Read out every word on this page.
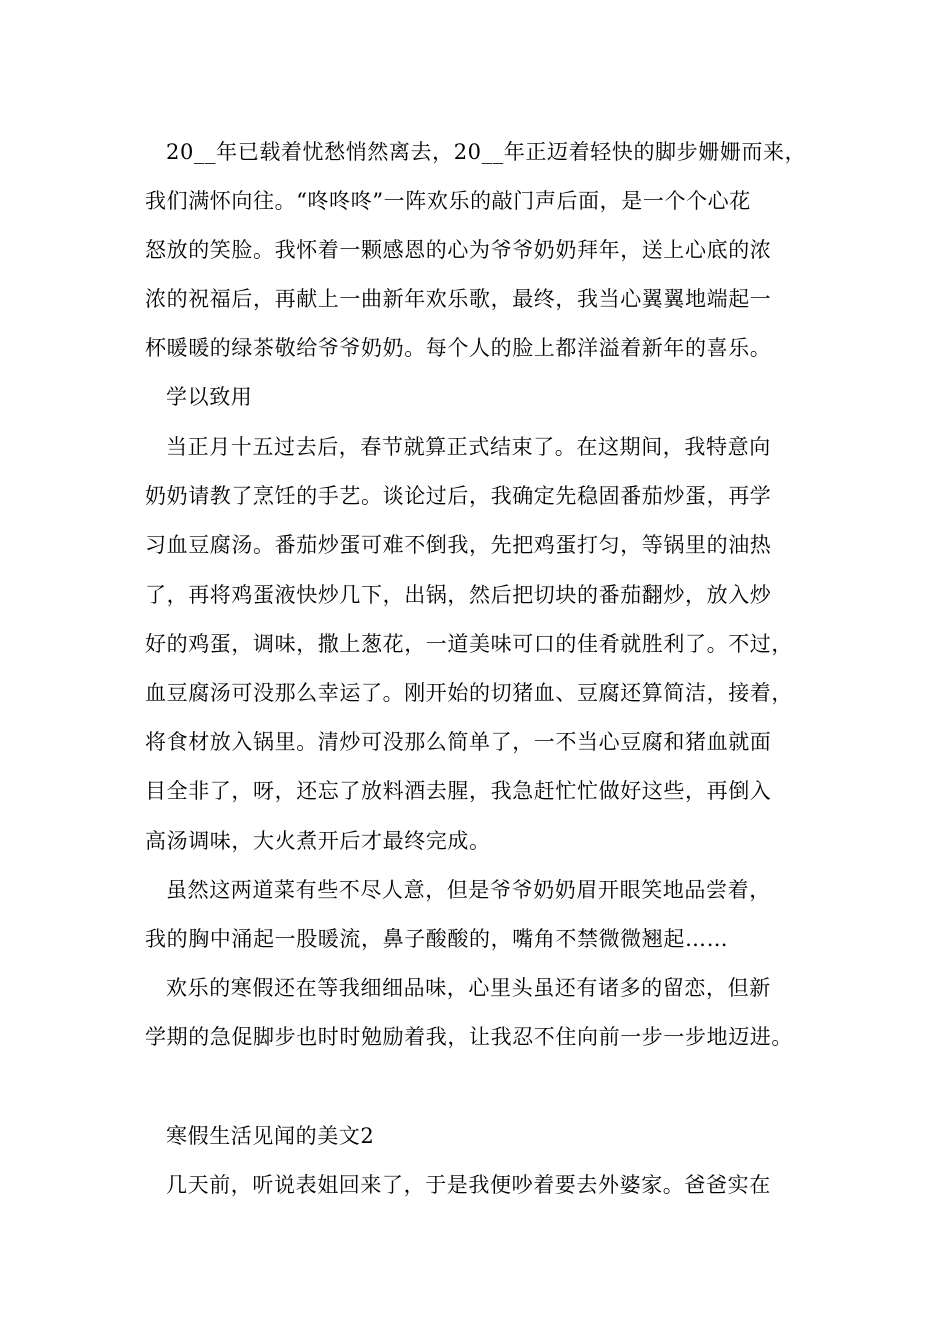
20__年已载着忧愁悄然离去，20__年正迈着轻快的脚步姗姗而来，
我们满怀向往。“咚咚咚”一阵欢乐的敲门声后面，是一个个心花
怒放的笑脸。我怀着一颗感恩的心为爷爷奶奶拜年，送上心底的浓
浓的祝福后，再献上一曲新年欢乐歌，最终，我当心翼翼地端起一
杯暖暖的绿茶敬给爷爷奶奶。每个人的脸上都洋溢着新年的喜乐。
学以致用
当正月十五过去后，春节就算正式结束了。在这期间，我特意向
奶奶请教了烹饪的手艺。谈论过后，我确定先稳固番茄炒蛋，再学
习血豆腐汤。番茄炒蛋可难不倒我，先把鸡蛋打匀，等锅里的油热
了，再将鸡蛋液快炒几下，出锅，然后把切块的番茄翻炒，放入炒
好的鸡蛋，调味，撒上葱花，一道美味可口的佳肴就胜利了。不过，
血豆腐汤可没那么幸运了。刚开始的切猪血、豆腐还算简洁，接着，
将食材放入锅里。清炒可没那么简单了，一不当心豆腐和猪血就面
目全非了，呀，还忘了放料酒去腥，我急赶忙忙做好这些，再倒入
高汤调味，大火煮开后才最终完成。
虽然这两道菜有些不尽人意，但是爷爷奶奶眉开眼笑地品尝着，
我的胸中涌起一股暖流，鼻子酸酸的，嘴角不禁微微翘起……
欢乐的寒假还在等我细细品味，心里头虽还有诸多的留恋，但新
学期的急促脚步也时时勉励着我，让我忍不住向前一步一步地迈进。
寒假生活见闻的美文2
几天前，听说表姐回来了，于是我便吵着要去外婆家。爸爸实在
